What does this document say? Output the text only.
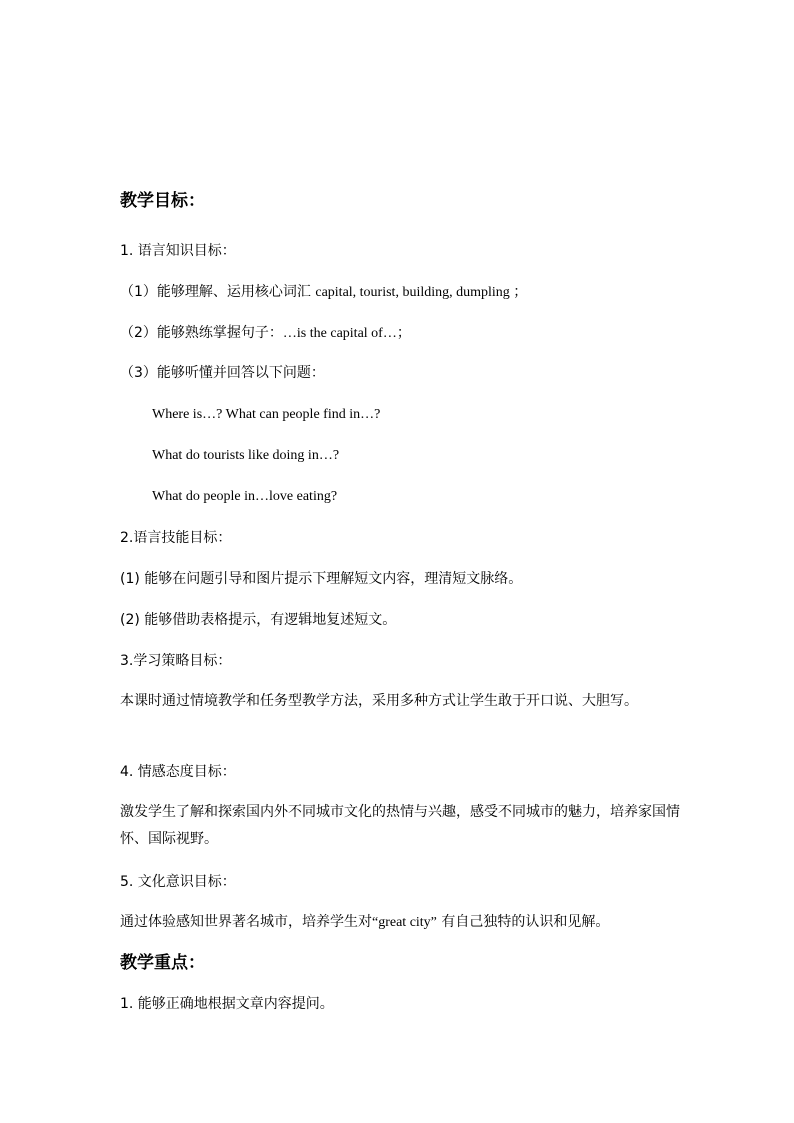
教学目标：
1. 语言知识目标：
（1）能够理解、运用核心词汇 capital, tourist, building, dumpling ；
（2）能够熟练掌握句子：…is the capital of…；
（3）能够听懂并回答以下问题：
Where is…? What can people find in…?
What do tourists like doing in…?
What do people in…love eating?
2.语言技能目标：
(1) 能够在问题引导和图片提示下理解短文内容，理清短文脉络。
(2) 能够借助表格提示，有逻辑地复述短文。
3.学习策略目标：
本课时通过情境教学和任务型教学方法，采用多种方式让学生敢于开口说、大胆写。
4. 情感态度目标：
激发学生了解和探索国内外不同城市文化的热情与兴趣，感受不同城市的魅力，培养家国情怀、国际视野。
5. 文化意识目标：
通过体验感知世界著名城市，培养学生对“great city” 有自己独特的认识和见解。
教学重点：
1. 能够正确地根据文章内容提问。
